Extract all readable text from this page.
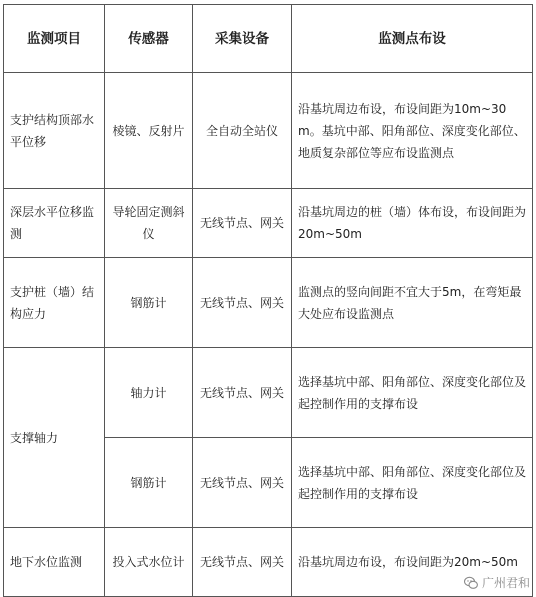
监测项目	传感器	采集设备	监测点布设
支护结构顶部水平位移	棱镜、反射片	全自动全站仪	沿基坑周边布设，布设间距为10m~30m。基坑中部、阳角部位、深度变化部位、地质复杂部位等应布设监测点
深层水平位移监测	导轮固定测斜仪	无线节点、网关	沿基坑周边的桩（墙）体布设，布设间距为20m~50m
支护桩（墙）结构应力	钢筋计	无线节点、网关	监测点的竖向间距不宜大于5m，在弯矩最大处应布设监测点
支撑轴力	轴力计	无线节点、网关	选择基坑中部、阳角部位、深度变化部位及起控制作用的支撑布设
	钢筋计	无线节点、网关	选择基坑中部、阳角部位、深度变化部位及起控制作用的支撑布设
地下水位监测	投入式水位计	无线节点、网关	沿基坑周边布设，布设间距为20m~50m
广州君和
